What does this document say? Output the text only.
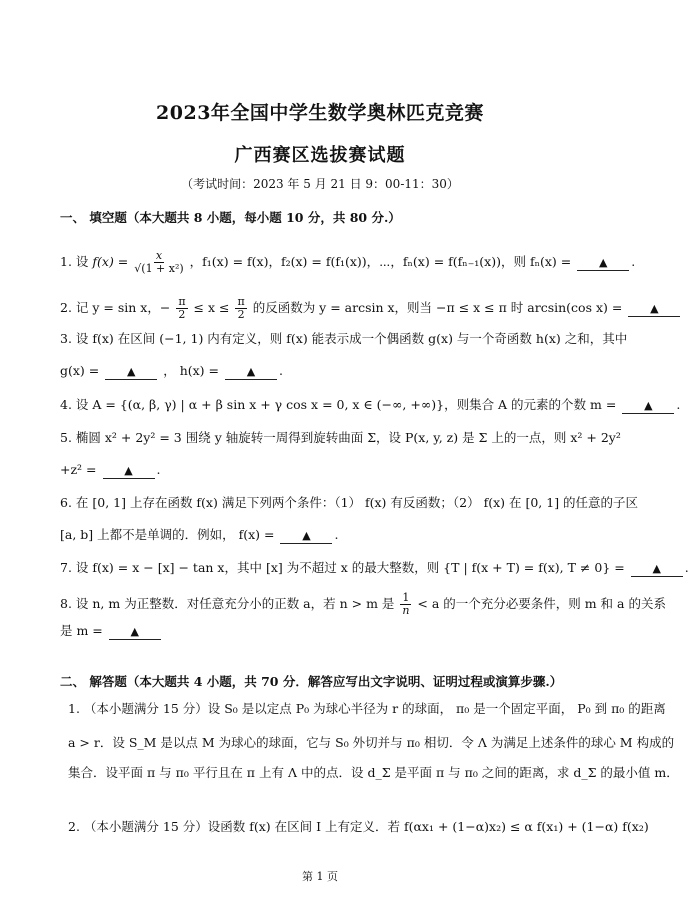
2023年全国中学生数学奥林匹克竞赛
广西赛区选拔赛试题
（考试时间：2023 年 5 月 21 日 9：00-11：30）
一、 填空题（本大题共 8 小题，每小题 10 分，共 80 分.）
1. 设 $f(x) = \frac{x}{\text{√(1 + x²)}}$ ，f₁(x) = f(x)，f₂(x) = f(f₁(x))，⋯，fₙ(x) = f(fₙ₋₁(x))，则 fₙ(x) =	▲ .
2. 记 y = sin x，− $\frac{\pi}{2} \le x \le \frac{\pi}{2}$ 的反函数为 y = arcsin x，则当 −π ≤ x ≤ π 时 arcsin(cos x) =	▲
3. 设 f(x) 在区间 (−1, 1) 内有定义，则 f(x) 能表示成一个偶函数 g(x) 与一个奇函数 h(x) 之和，其中
g(x) =	▲ ， h(x) =	▲ .
4. 设 A = {(α, β, γ) | α + β sin x + γ cos x = 0, x ∈ (−∞, +∞)}，则集合 A 的元素的个数 m =	▲ .
5. 椭圆 x² + 2y² = 3 围绕 y 轴旋转一周得到旋转曲面 Σ，设 P(x, y, z) 是 Σ 上的一点，则 x² + 2y²
+z² =	▲ .
6. 在 [0, 1] 上存在函数 f(x) 满足下列两个条件：（1） f(x) 有反函数；（2） f(x) 在 [0, 1] 的任意的子区
[a, b] 上都不是单调的．例如， f(x) =	▲ .
7. 设 f(x) = x − [x] − tan x，其中 [x] 为不超过 x 的最大整数，则 {T | f(x + T) = f(x), T ≠ 0} =	▲ .
8. 设 n, m 为正整数．对任意充分小的正数 a，若 n > m 是 $\frac{1}{n} < a$ 的一个充分必要条件，则 m 和 a 的关系
是 m =	▲
二、 解答题（本大题共 4 小题，共 70 分．解答应写出文字说明、证明过程或演算步骤.）
1. （本小题满分 15 分）设 S₀ 是以定点 P₀ 为球心半径为 r 的球面， π₀ 是一个固定平面， P₀ 到 π₀ 的距离
a > r．设 S_M 是以点 M 为球心的球面，它与 S₀ 外切并与 π₀ 相切．令 Λ 为满足上述条件的球心 M 构成的
集合．设平面 π 与 π₀ 平行且在 π 上有 Λ 中的点．设 d_Σ 是平面 π 与 π₀ 之间的距离，求 d_Σ 的最小值 m．
2. （本小题满分 15 分）设函数 f(x) 在区间 I 上有定义．若 f(αx₁ + (1−α)x₂) ≤ α f(x₁) + (1−α) f(x₂)
第 1 页
